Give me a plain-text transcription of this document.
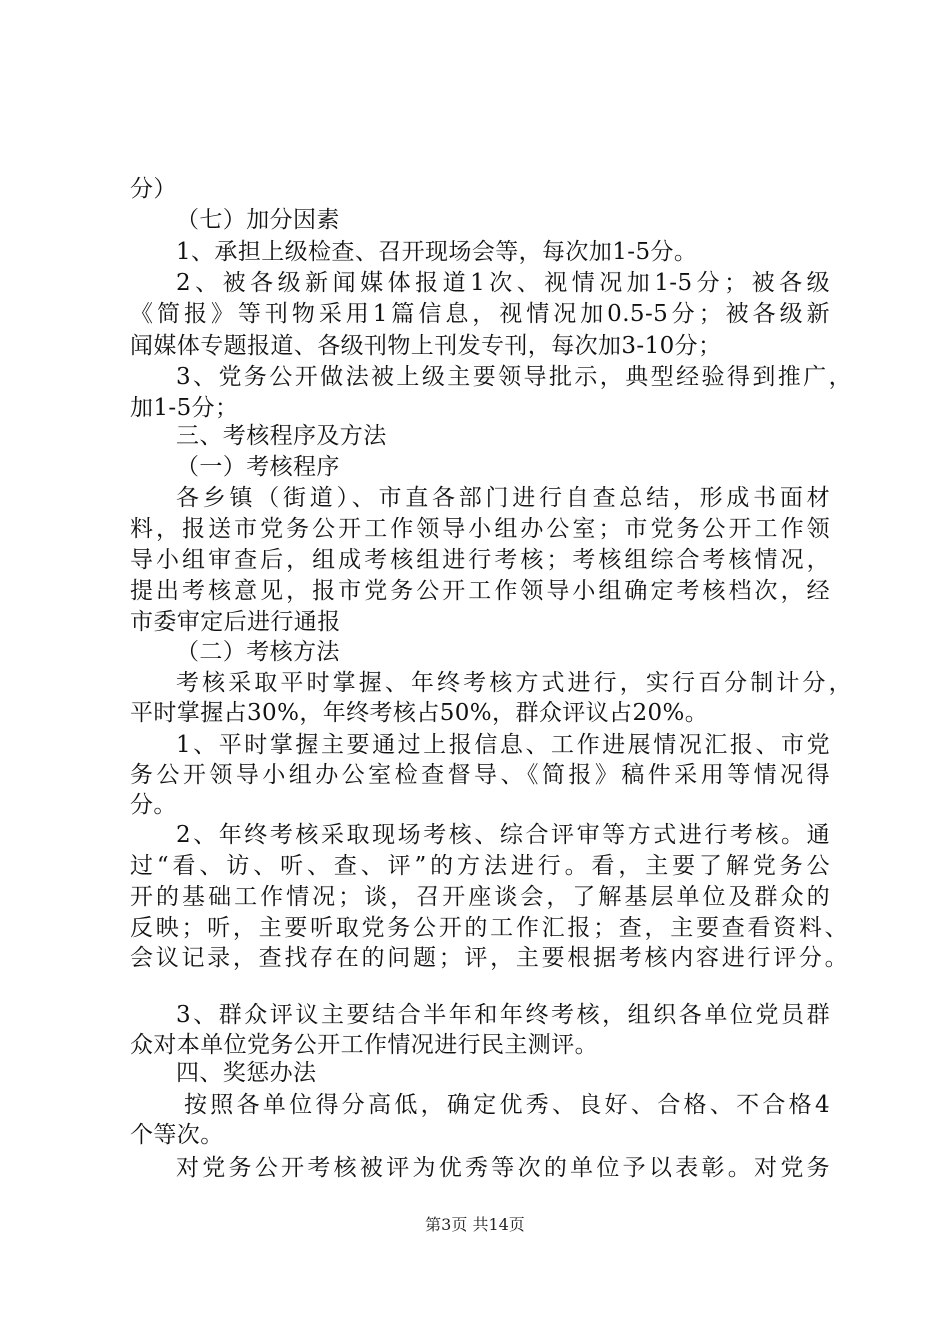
分）
（七）加分因素
1、承担上级检查、召开现场会等，每次加1-5分。
2、被各级新闻媒体报道1次、视情况加1-5分；被各级
《简报》等刊物采用1篇信息，视情况加0.5-5分；被各级新
闻媒体专题报道、各级刊物上刊发专刊，每次加3-10分；
3、党务公开做法被上级主要领导批示，典型经验得到推广，
加1-5分；
三、考核程序及方法
（一）考核程序
各乡镇（街道）、市直各部门进行自查总结，形成书面材
料，报送市党务公开工作领导小组办公室；市党务公开工作领
导小组审查后，组成考核组进行考核；考核组综合考核情况，
提出考核意见，报市党务公开工作领导小组确定考核档次，经
市委审定后进行通报
（二）考核方法
考核采取平时掌握、年终考核方式进行，实行百分制计分，
平时掌握占30%，年终考核占50%，群众评议占20%。
1、平时掌握主要通过上报信息、工作进展情况汇报、市党
务公开领导小组办公室检查督导、《简报》稿件采用等情况得
分。
2、年终考核采取现场考核、综合评审等方式进行考核。通
过“看、访、听、查、评”的方法进行。看，主要了解党务公
开的基础工作情况；谈，召开座谈会，了解基层单位及群众的
反映；听，主要听取党务公开的工作汇报；查，主要查看资料、
会议记录，查找存在的问题；评，主要根据考核内容进行评分。
3、群众评议主要结合半年和年终考核，组织各单位党员群
众对本单位党务公开工作情况进行民主测评。
四、奖惩办法
按照各单位得分高低，确定优秀、良好、合格、不合格4
个等次。
对党务公开考核被评为优秀等次的单位予以表彰。对党务
第3页 共14页
